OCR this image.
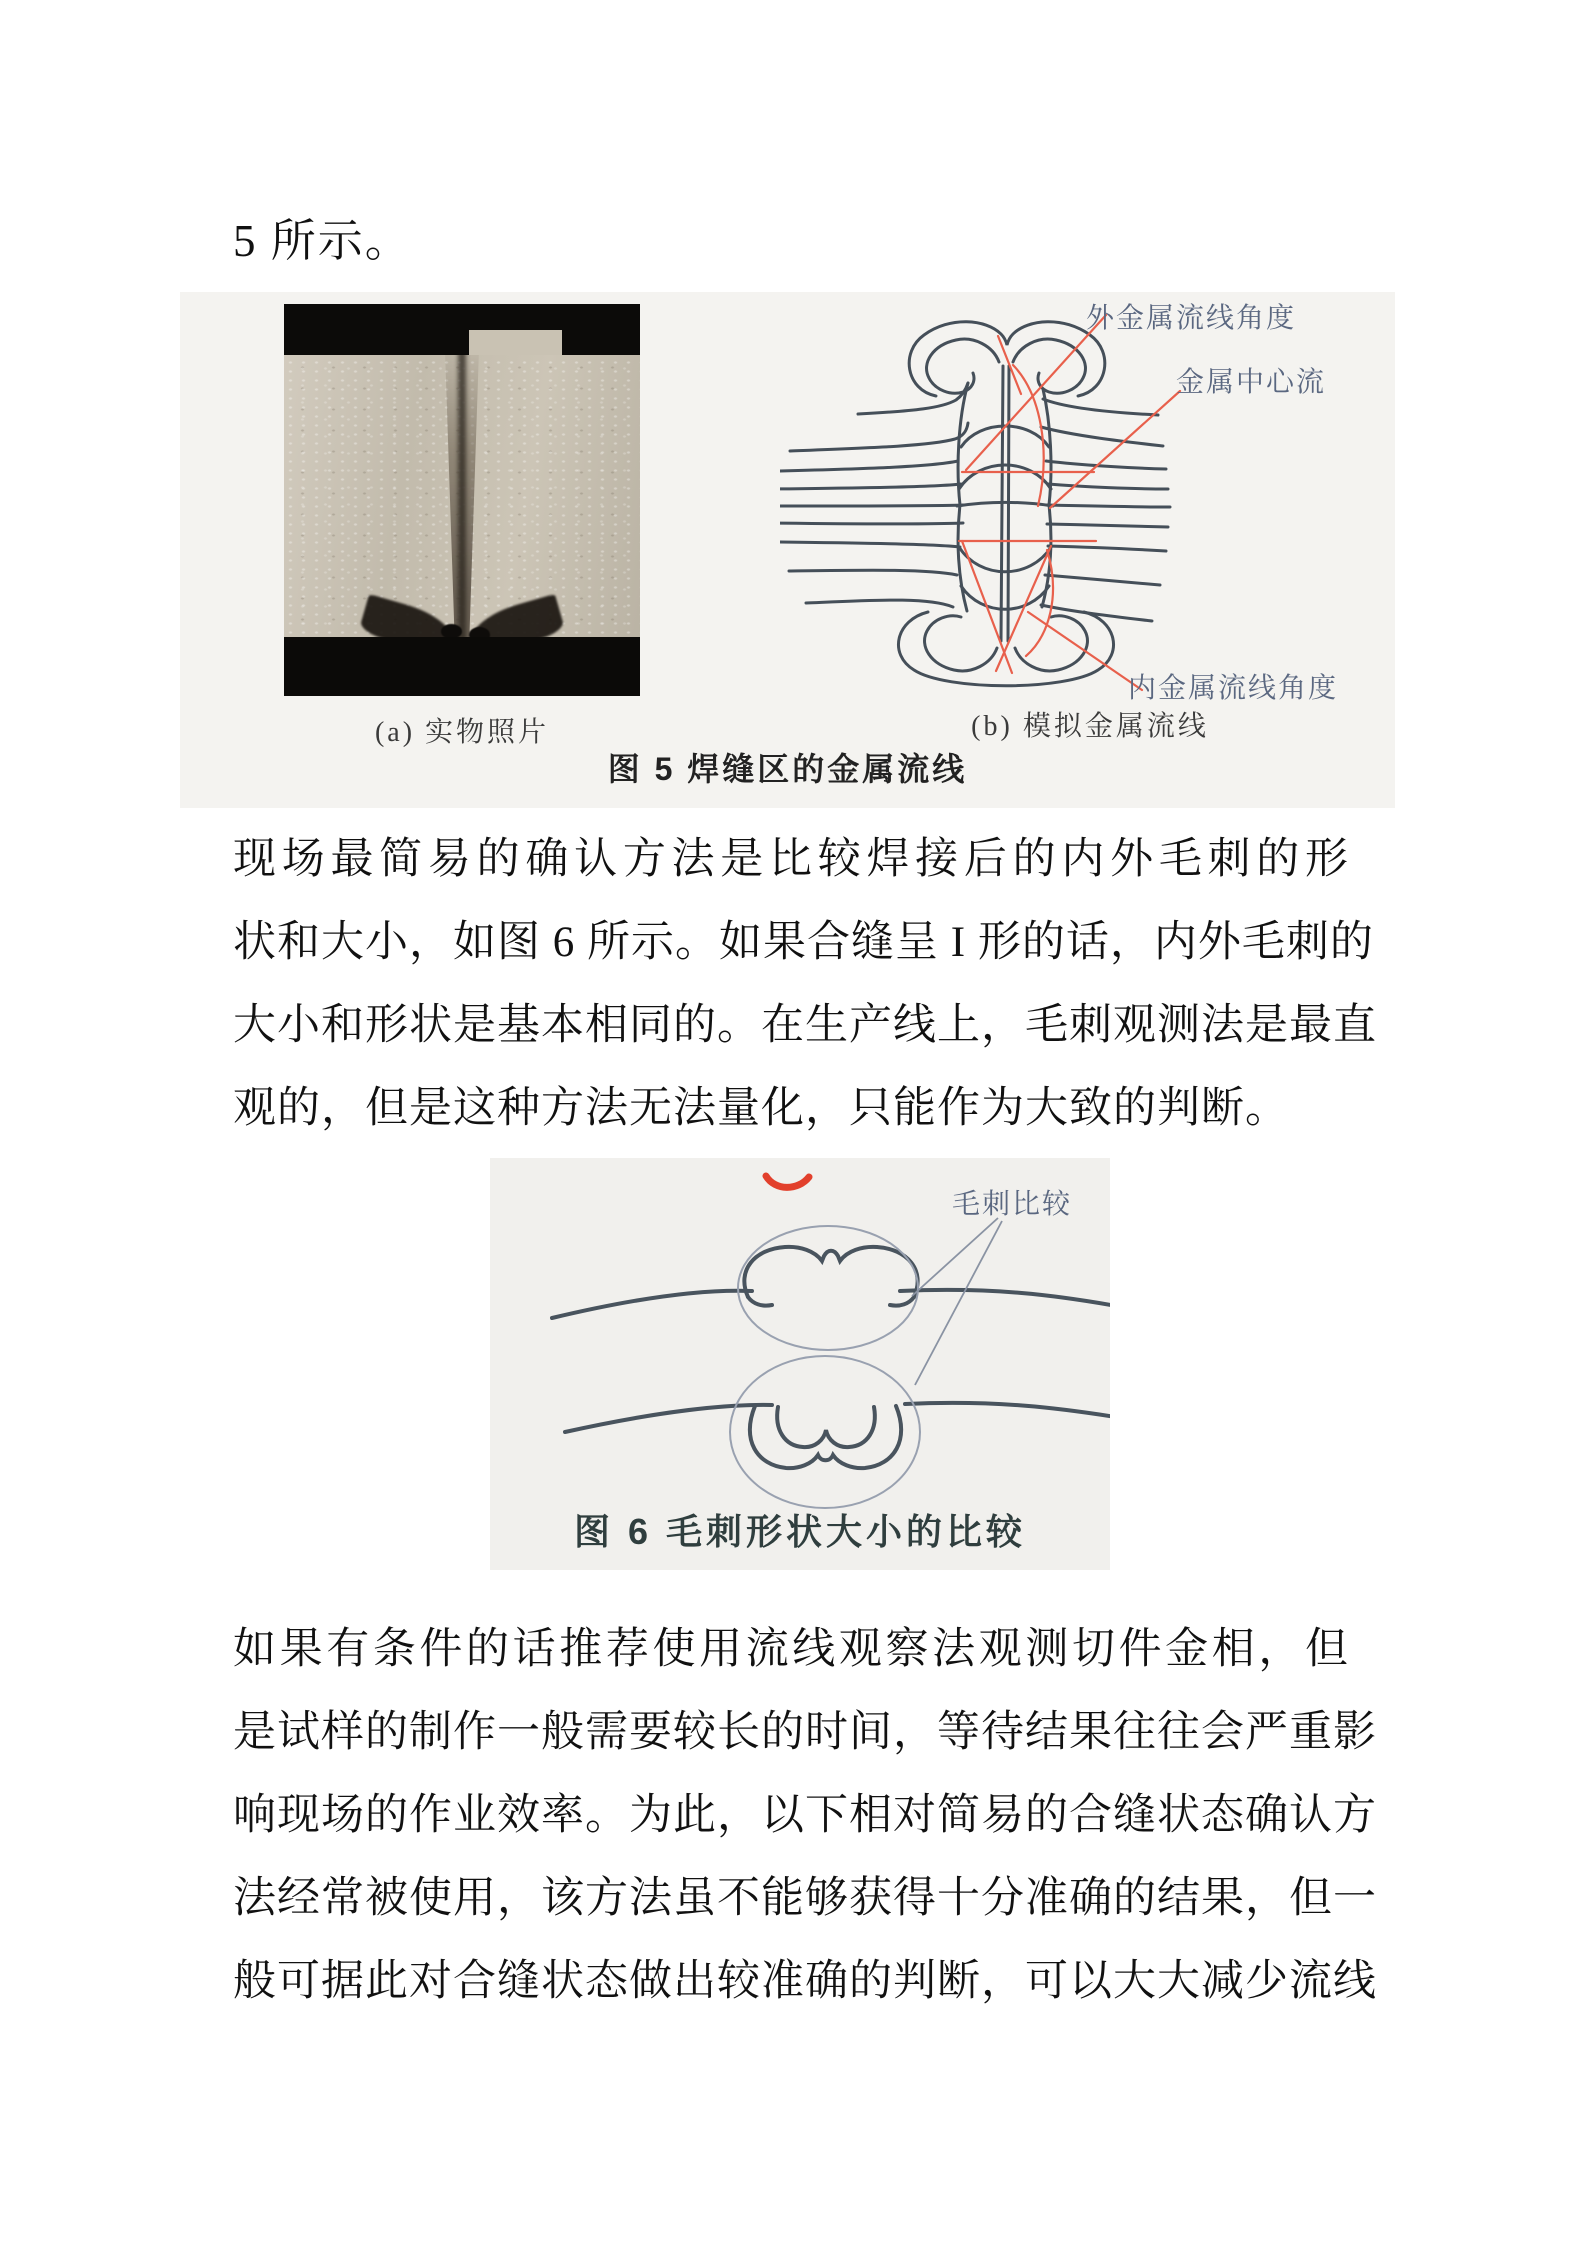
5 所示。
(a) 实物照片
外金属流线角度
金属中心流
内金属流线角度
(b) 模拟金属流线
图 5 焊缝区的金属流线
现场最简易的确认方法是比较焊接后的内外毛刺的形
状和大小，如图 6 所示。如果合缝呈 I 形的话，内外毛刺的
大小和形状是基本相同的。在生产线上，毛刺观测法是最直
观的，但是这种方法无法量化，只能作为大致的判断。
毛刺比较
图 6 毛刺形状大小的比较
如果有条件的话推荐使用流线观察法观测切件金相，但
是试样的制作一般需要较长的时间，等待结果往往会严重影
响现场的作业效率。为此，以下相对简易的合缝状态确认方
法经常被使用，该方法虽不能够获得十分准确的结果，但一
般可据此对合缝状态做出较准确的判断，可以大大减少流线
